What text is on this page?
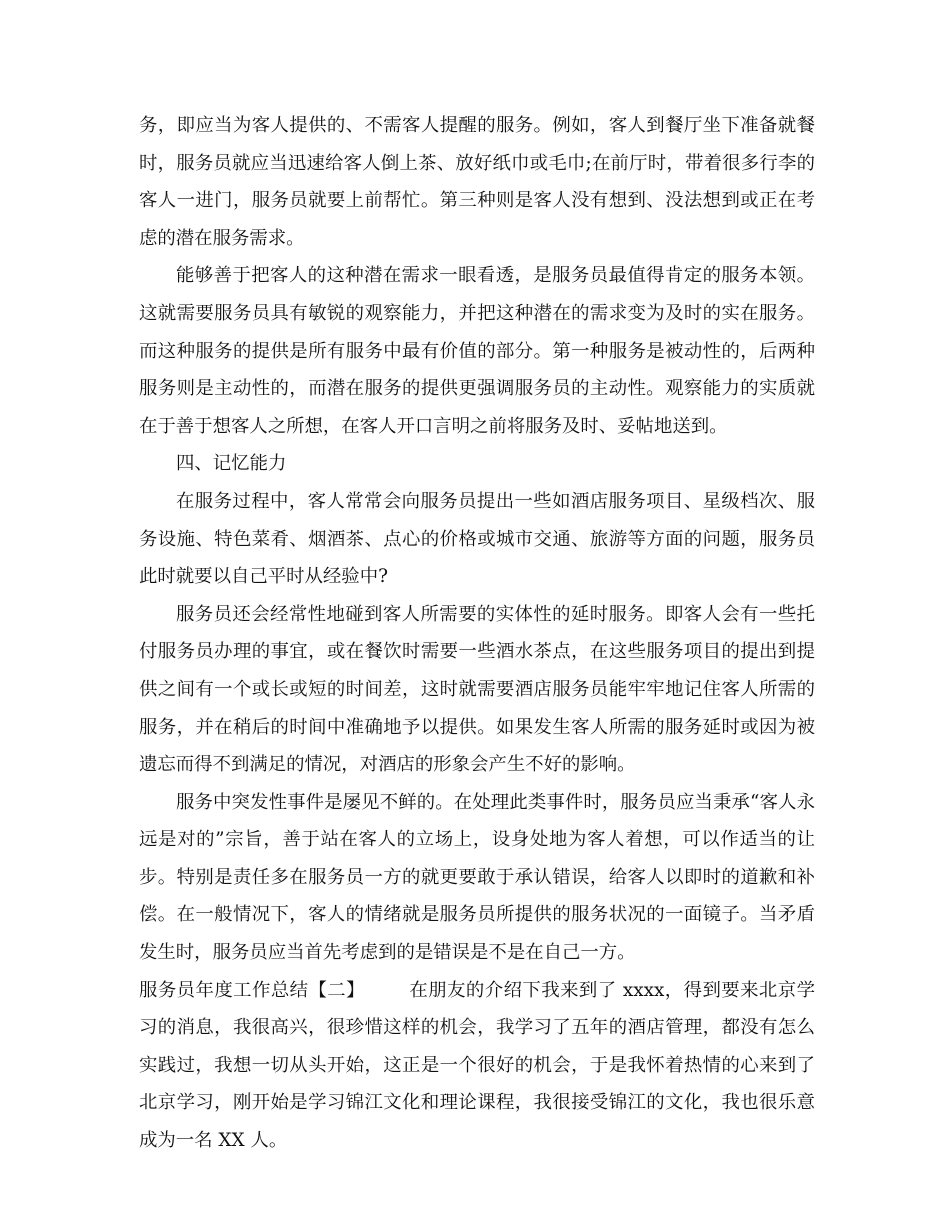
务，即应当为客人提供的、不需客人提醒的服务。例如，客人到餐厅坐下准备就餐时，服务员就应当迅速给客人倒上茶、放好纸巾或毛巾;在前厅时，带着很多行李的客人一进门，服务员就要上前帮忙。第三种则是客人没有想到、没法想到或正在考虑的潜在服务需求。

能够善于把客人的这种潜在需求一眼看透，是服务员最值得肯定的服务本领。这就需要服务员具有敏锐的观察能力，并把这种潜在的需求变为及时的实在服务。而这种服务的提供是所有服务中最有价值的部分。第一种服务是被动性的，后两种服务则是主动性的，而潜在服务的提供更强调服务员的主动性。观察能力的实质就在于善于想客人之所想，在客人开口言明之前将服务及时、妥帖地送到。

四、记忆能力

在服务过程中，客人常常会向服务员提出一些如酒店服务项目、星级档次、服务设施、特色菜肴、烟酒茶、点心的价格或城市交通、旅游等方面的问题，服务员此时就要以自己平时从经验中?

服务员还会经常性地碰到客人所需要的实体性的延时服务。即客人会有一些托付服务员办理的事宜，或在餐饮时需要一些酒水茶点，在这些服务项目的提出到提供之间有一个或长或短的时间差，这时就需要酒店服务员能牢牢地记住客人所需的服务，并在稍后的时间中准确地予以提供。如果发生客人所需的服务延时或因为被遗忘而得不到满足的情况，对酒店的形象会产生不好的影响。

服务中突发性事件是屡见不鲜的。在处理此类事件时，服务员应当秉承“客人永远是对的”宗旨，善于站在客人的立场上，设身处地为客人着想，可以作适当的让步。特别是责任多在服务员一方的就更要敢于承认错误，给客人以即时的道歉和补偿。在一般情况下，客人的情绪就是服务员所提供的服务状况的一面镜子。当矛盾发生时，服务员应当首先考虑到的是错误是不是在自己一方。

服务员年度工作总结【二】 在朋友的介绍下我来到了 xxxx，得到要来北京学习的消息，我很高兴，很珍惜这样的机会，我学习了五年的酒店管理，都没有怎么实践过，我想一切从头开始，这正是一个很好的机会，于是我怀着热情的心来到了北京学习，刚开始是学习锦江文化和理论课程，我很接受锦江的文化，我也很乐意成为一名 XX 人。
